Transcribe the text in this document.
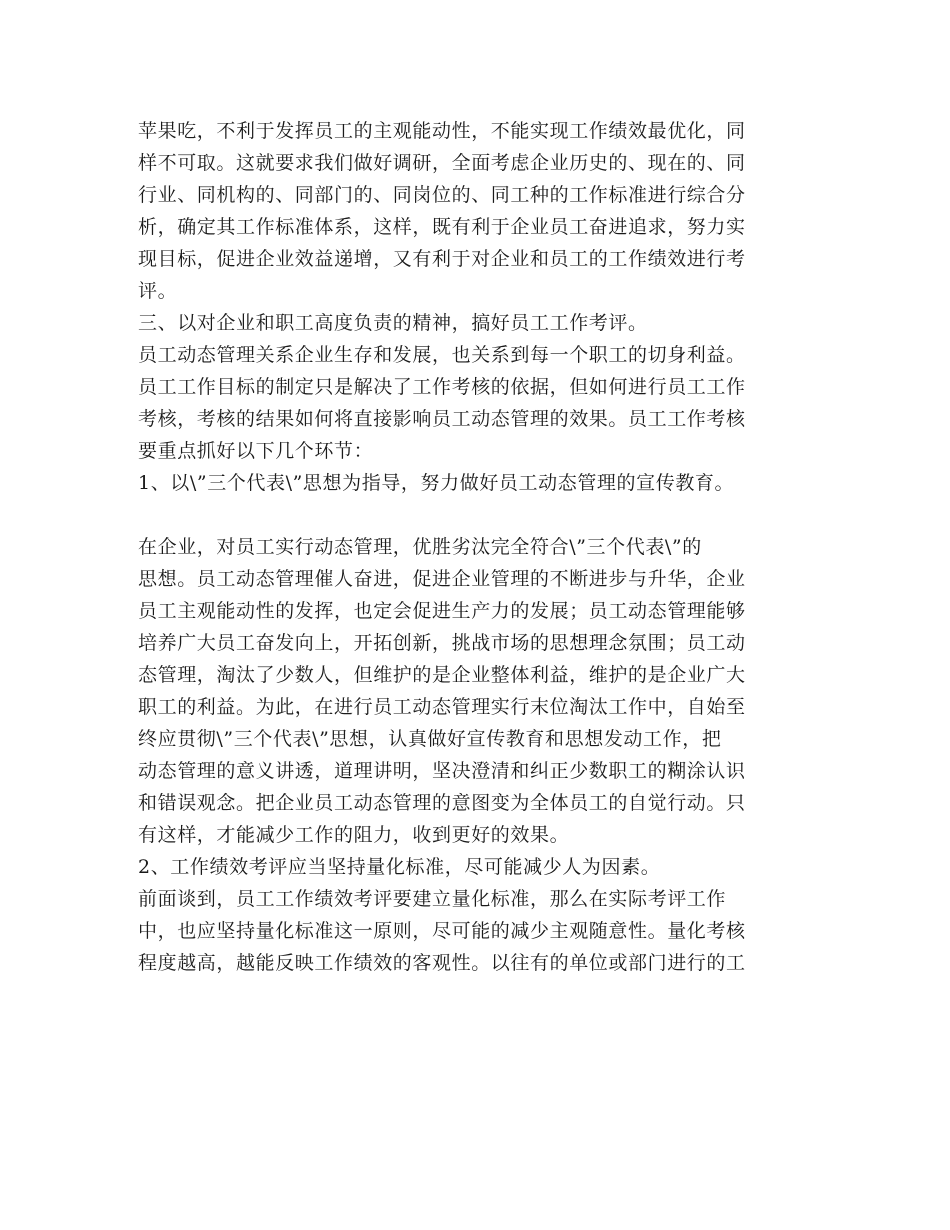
苹果吃，不利于发挥员工的主观能动性，不能实现工作绩效最优化，同
样不可取。这就要求我们做好调研，全面考虑企业历史的、现在的、同
行业、同机构的、同部门的、同岗位的、同工种的工作标准进行综合分
析，确定其工作标准体系，这样，既有利于企业员工奋进追求，努力实
现目标，促进企业效益递增，又有利于对企业和员工的工作绩效进行考
评。
三、以对企业和职工高度负责的精神，搞好员工工作考评。
员工动态管理关系企业生存和发展，也关系到每一个职工的切身利益。
员工工作目标的制定只是解决了工作考核的依据，但如何进行员工工作
考核，考核的结果如何将直接影响员工动态管理的效果。员工工作考核
要重点抓好以下几个环节：
1、以\”三个代表\”思想为指导，努力做好员工动态管理的宣传教育。
在企业，对员工实行动态管理，优胜劣汰完全符合\”三个代表\”的
思想。员工动态管理催人奋进，促进企业管理的不断进步与升华，企业
员工主观能动性的发挥，也定会促进生产力的发展；员工动态管理能够
培养广大员工奋发向上，开拓创新，挑战市场的思想理念氛围；员工动
态管理，淘汰了少数人，但维护的是企业整体利益，维护的是企业广大
职工的利益。为此，在进行员工动态管理实行末位淘汰工作中，自始至
终应贯彻\”三个代表\”思想，认真做好宣传教育和思想发动工作，把
动态管理的意义讲透，道理讲明，坚决澄清和纠正少数职工的糊涂认识
和错误观念。把企业员工动态管理的意图变为全体员工的自觉行动。只
有这样，才能减少工作的阻力，收到更好的效果。
2、工作绩效考评应当坚持量化标准，尽可能减少人为因素。
前面谈到，员工工作绩效考评要建立量化标准，那么在实际考评工作
中，也应坚持量化标准这一原则，尽可能的减少主观随意性。量化考核
程度越高，越能反映工作绩效的客观性。以往有的单位或部门进行的工
